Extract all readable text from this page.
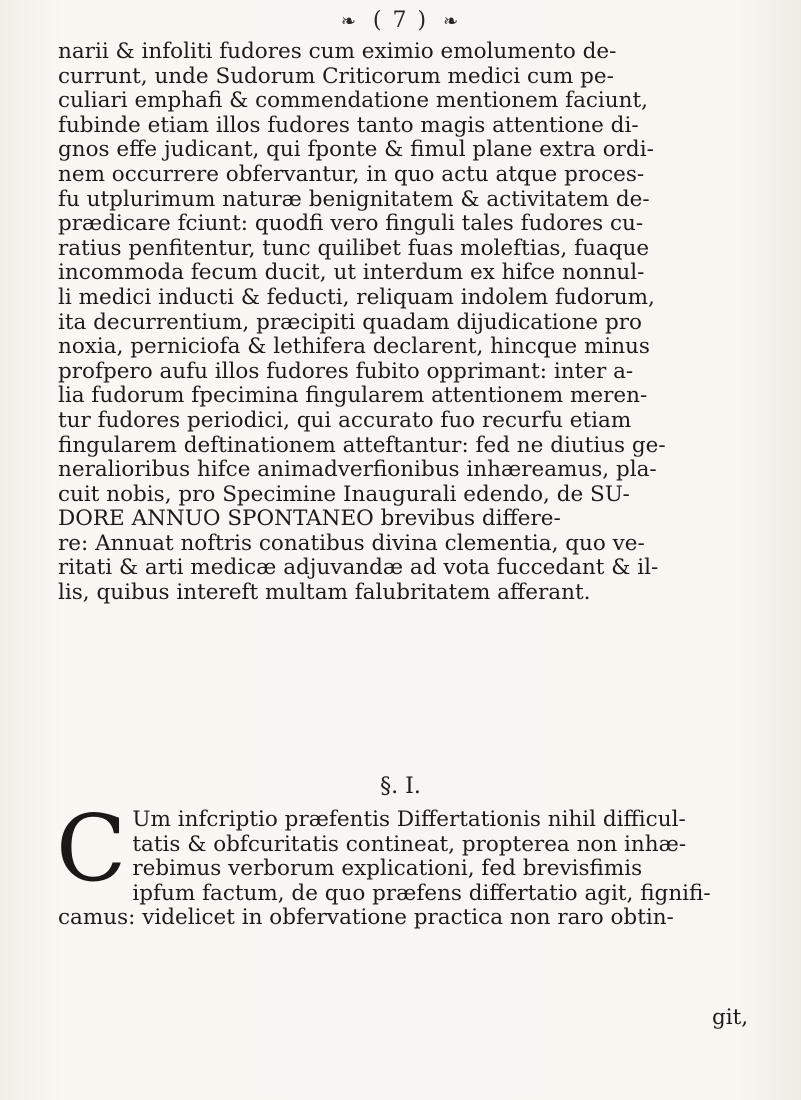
❧ ( 7 ) ❧
narii & infoliti fudores cum eximio emolumento de-
currunt, unde Sudorum Criticorum medici cum pe-
culiari emphafi & commendatione mentionem faciunt,
fubinde etiam illos fudores tanto magis attentione di-
gnos effe judicant, qui fponte & fimul plane extra ordi-
nem occurrere obfervantur, in quo actu atque proces-
fu utplurimum naturæ benignitatem & activitatem de-
prædicare fciunt: quodfi vero finguli tales fudores cu-
ratius penfitentur, tunc quilibet fuas moleftias, fuaque
incommoda fecum ducit, ut interdum ex hifce nonnul-
li medici inducti & feducti, reliquam indolem fudorum,
ita decurrentium, præcipiti quadam dijudicatione pro
noxia, perniciofa & lethifera declarent, hincque minus
profpero aufu illos fudores fubito opprimant: inter a-
lia fudorum fpecimina fingularem attentionem meren-
tur fudores periodici, qui accurato fuo recurfu etiam
fingularem deftinationem atteftantur: fed ne diutius ge-
neralioribus hifce animadverfionibus inhæreamus, pla-
cuit nobis, pro Specimine Inaugurali edendo, de SU-
DORE ANNUO SPONTANEO brevibus differe-
re: Annuat noftris conatibus divina clementia, quo ve-
ritati & arti medicæ adjuvandæ ad vota fuccedant & il-
lis, quibus intereft multam falubritatem afferant.
§. I.
C Um infcriptio præfentis Differtationis nihil difficul-
tatis & obfcuritatis contineat, propterea non inhæ-
rebimus verborum explicationi, fed brevisfimis
ipfum factum, de quo præfens differtatio agit, fignifi-
camus: videlicet in obfervatione practica non raro obtin-
git,
